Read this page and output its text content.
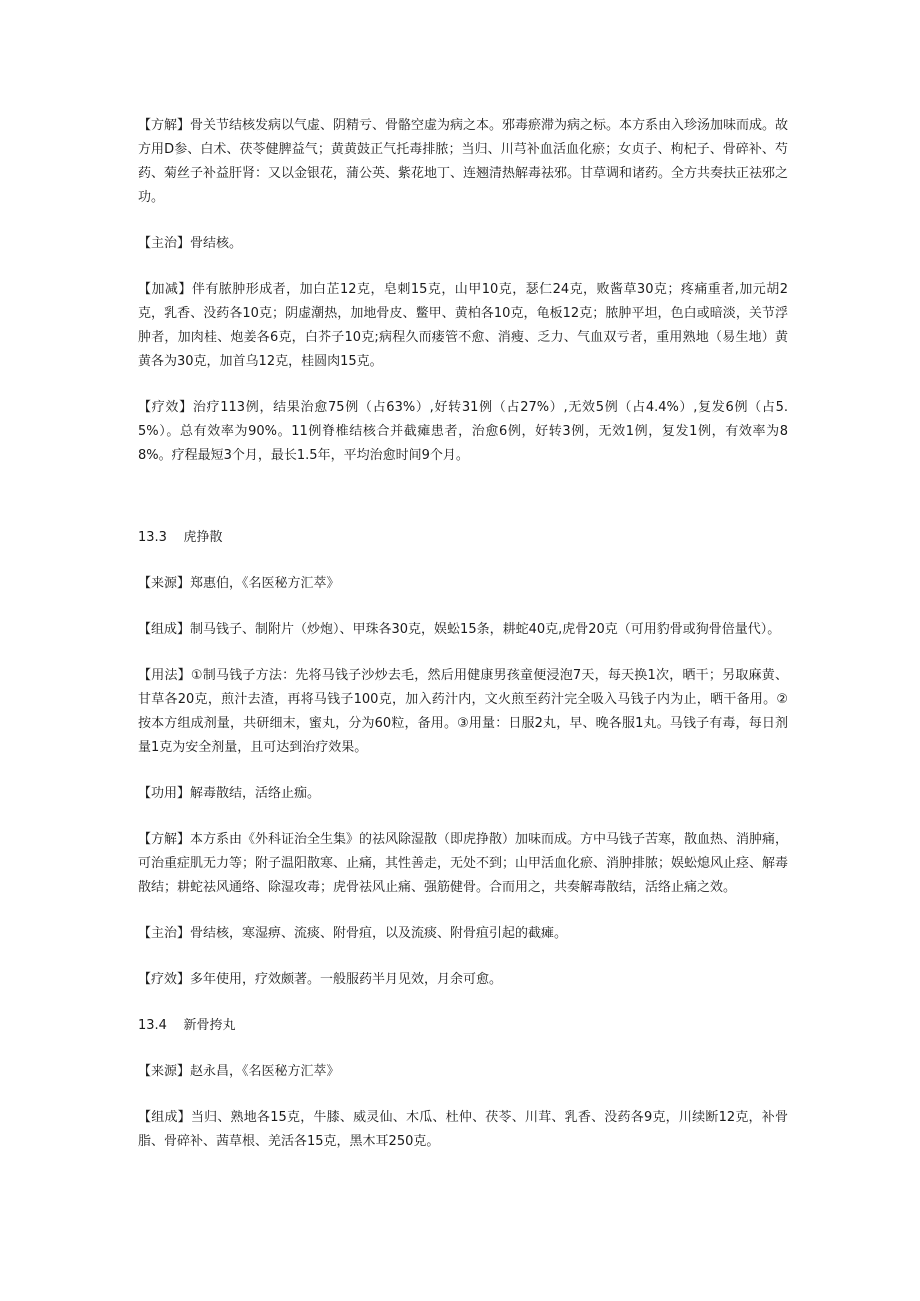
【方解】骨关节结核发病以气虚、阴精亏、骨骼空虚为病之本。邪毒瘀滞为病之标。本方系由入珍汤加味而成。故方用D参、白术、茯苓健脾益气；黄黄鼓正气托毒排脓；当归、川芎补血活血化瘀；女贞子、枸杞子、骨碎补、芍药、菊丝子补益肝肾：又以金银花，蒲公英、紫花地丁、连翘清热解毒祛邪。甘草调和诸药。全方共奏扶正祛邪之功。

【主治】骨结核。

【加减】伴有脓肿形成者，加白芷12克，皂刺15克，山甲10克，瑟仁24克，败酱草30克；疼痛重者,加元胡2克，乳香、没药各10克；阴虚潮热，加地骨皮、鳖甲、黄柏各10克，龟板12克；脓肿平坦，色白或暗淡，关节浮肿者，加肉桂、炮姜各6克，白芥子10克;病程久而瘘管不愈、消瘦、乏力、气血双亏者，重用熟地（易生地）黄黄各为30克，加首乌12克，桂圆肉15克。

【疗效】治疗113例，结果治愈75例（占63%）,好转31例（占27%）,无效5例（占4.4%）,复发6例（占5.5%）。总有效率为90%。11例脊椎结核合并截瘫患者，治愈6例，好转3例，无效1例，复发1例，有效率为88%。疗程最短3个月，最长1.5年，平均治愈时间9个月。

13.3    虎挣散

【来源】郑惠伯，《名医秘方汇萃》

【组成】制马钱子、制附片（炒炮）、甲珠各30克，娱蚣15条，耕蛇40克,虎骨20克（可用豹骨或狗骨倍量代）。

【用法】①制马钱子方法：先将马钱子沙炒去毛，然后用健康男孩童便浸泡7天，每天换1次，晒干；另取麻黄、甘草各20克，煎汁去渣，再将马钱子100克，加入药汁内，文火煎至药汁完全吸入马钱子内为止，晒干备用。②按本方组成剂量，共研细末，蜜丸，分为60粒，备用。③用量：日服2丸，早、晚各服1丸。马钱子有毒，每日剂量1克为安全剂量，且可达到治疗效果。

【功用】解毒散结，活络止痂。

【方解】本方系由《外科证治全生集》的祛风除湿散（即虎挣散）加味而成。方中马钱子苦寒，散血热、消肿痛，可治重症肌无力等；附子温阳散寒、止痛，其性善走，无处不到；山甲活血化瘀、消肿排脓；娱蚣熄风止痉、解毒散结；耕蛇祛风通络、除湿攻毒；虎骨祛风止痛、强筋健骨。合而用之，共奏解毒散结，活络止痛之效。

【主治】骨结核，寒湿痹、流痰、附骨疽，以及流痰、附骨疽引起的截瘫。

【疗效】多年使用，疗效颇著。一般服药半月见效，月余可愈。

13.4    新骨挎丸

【来源】赵永昌，《名医秘方汇萃》

【组成】当归、熟地各15克，牛膝、威灵仙、木瓜、杜仲、茯苓、川茸、乳香、没药各9克，川续断12克，补骨脂、骨碎补、茜草根、羌活各15克，黑木耳250克。
